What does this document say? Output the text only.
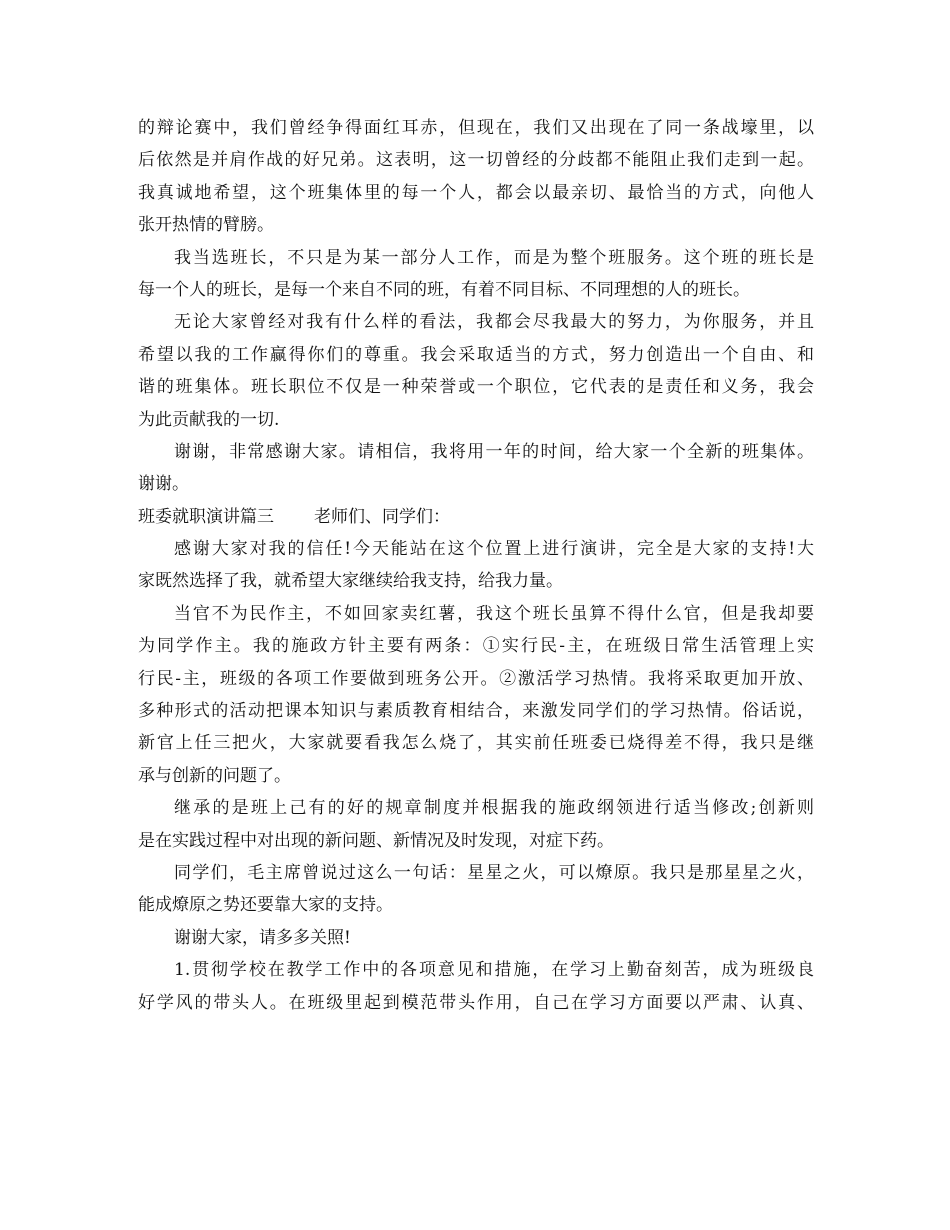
的辩论赛中，我们曾经争得面红耳赤，但现在，我们又出现在了同一条战壕里，以
后依然是并肩作战的好兄弟。这表明，这一切曾经的分歧都不能阻止我们走到一起。
我真诚地希望，这个班集体里的每一个人，都会以最亲切、最恰当的方式，向他人
张开热情的臂膀。
我当选班长，不只是为某一部分人工作，而是为整个班服务。这个班的班长是
每一个人的班长，是每一个来自不同的班，有着不同目标、不同理想的人的班长。
无论大家曾经对我有什么样的看法，我都会尽我最大的努力，为你服务，并且
希望以我的工作赢得你们的尊重。我会采取适当的方式，努力创造出一个自由、和
谐的班集体。班长职位不仅是一种荣誉或一个职位，它代表的是责任和义务，我会
为此贡献我的一切.
谢谢，非常感谢大家。请相信，我将用一年的时间，给大家一个全新的班集体。
谢谢。
班委就职演讲篇三 老师们、同学们：
感谢大家对我的信任!今天能站在这个位置上进行演讲，完全是大家的支持!大
家既然选择了我，就希望大家继续给我支持，给我力量。
当官不为民作主，不如回家卖红薯，我这个班长虽算不得什么官，但是我却要
为同学作主。我的施政方针主要有两条：①实行民-主，在班级日常生活管理上实
行民-主，班级的各项工作要做到班务公开。②激活学习热情。我将采取更加开放、
多种形式的活动把课本知识与素质教育相结合，来激发同学们的学习热情。俗话说，
新官上任三把火，大家就要看我怎么烧了，其实前任班委已烧得差不得，我只是继
承与创新的问题了。
继承的是班上己有的好的规章制度并根据我的施政纲领进行适当修改;创新则
是在实践过程中对出现的新问题、新情况及时发现，对症下药。
同学们，毛主席曾说过这么一句话：星星之火，可以燎原。我只是那星星之火，
能成燎原之势还要靠大家的支持。
谢谢大家，请多多关照!
1.贯彻学校在教学工作中的各项意见和措施，在学习上勤奋刻苦，成为班级良
好学风的带头人。在班级里起到模范带头作用，自己在学习方面要以严肃、认真、
